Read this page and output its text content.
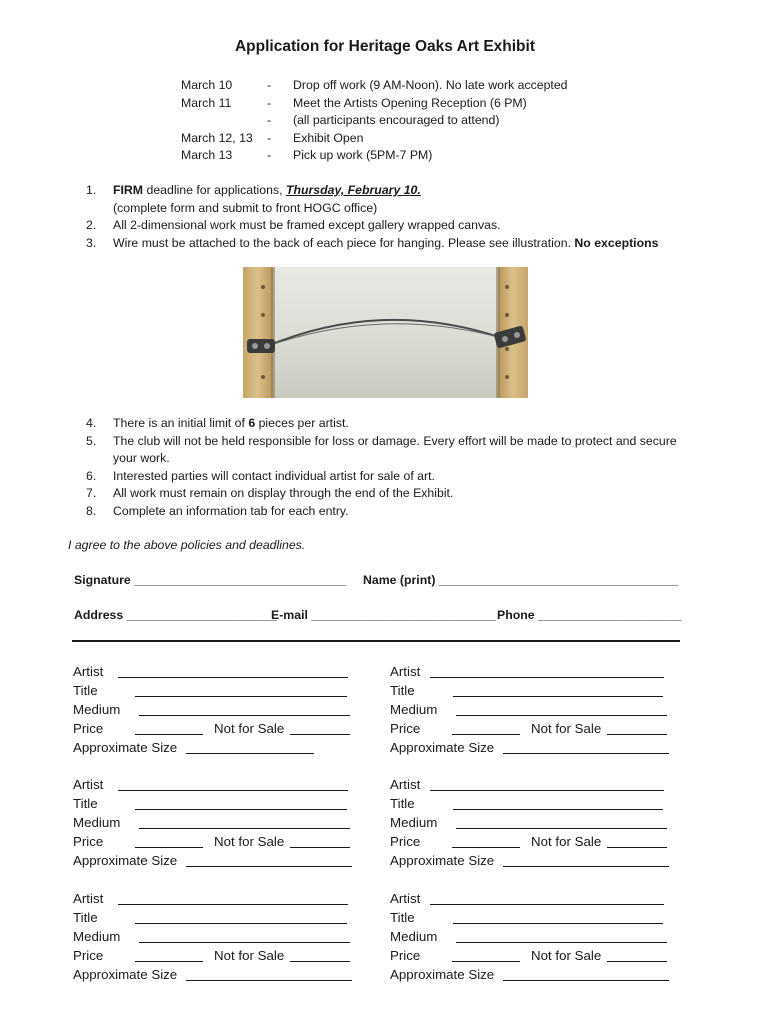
Application for Heritage Oaks Art Exhibit
March 10	-	Drop off work (9 AM-Noon). No late work accepted
March 11	-	Meet the Artists Opening Reception (6 PM)
-	(all participants encouraged to attend)
March 12, 13	-	Exhibit Open
March 13	-	Pick up work (5PM-7 PM)
1.	FIRM deadline for applications, Thursday, February 10.
(complete form and submit to front HOGC office)
2.	All 2-dimensional work must be framed except gallery wrapped canvas.
3.	Wire must be attached to the back of each piece for hanging. Please see illustration. No exceptions
4.	There is an initial limit of 6 pieces per artist.
5.	The club will not be held responsible for loss or damage. Every effort will be made to protect and secure your work.
6.	Interested parties will contact individual artist for sale of art.
7.	All work must remain on display through the end of the Exhibit.
8.	Complete an information tab for each entry.
I agree to the above policies and deadlines.
Signature _______________________________ Name (print) ___________________________________
Address ______________________
E-mail ___________________________ Phone _____________________
Artist
Title
Medium
Price	Not for Sale
Approximate Size
Artist
Title
Medium
Price	Not for Sale
Approximate Size
Artist
Title
Medium
Price	Not for Sale
Approximate Size
Artist
Title
Medium
Price	Not for Sale
Approximate Size
Artist
Title
Medium
Price	Not for Sale
Approximate Size
Artist
Title
Medium
Price	Not for Sale
Approximate Size
